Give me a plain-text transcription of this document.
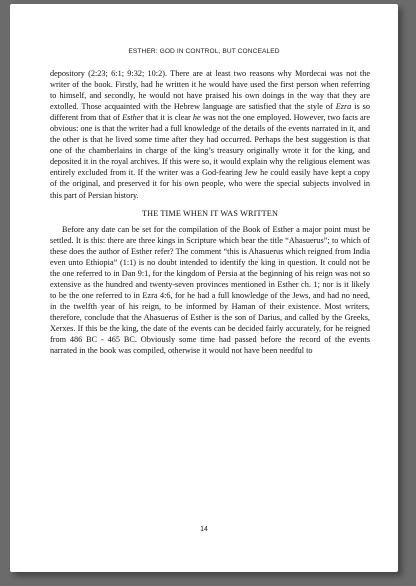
ESTHER: GOD IN CONTROL, BUT CONCEALED

depository (2:23; 6:1; 9:32; 10:2). There are at least two reasons why Mordecai was not the writer of the book. Firstly, had he written it he would have used the first person when referring to himself, and secondly, he would not have praised his own doings in the way that they are extolled. Those acquainted with the Hebrew language are satisfied that the style of Ezra is so different from that of Esther that it is clear he was not the one employed. However, two facts are obvious: one is that the writer had a full knowledge of the details of the events narrated in it, and the other is that he lived some time after they had occurred. Perhaps the best suggestion is that one of the chamberlains in charge of the king’s treasury originally wrote it for the king, and deposited it in the royal archives. If this were so, it would explain why the religious element was entirely excluded from it. If the writer was a God-fearing Jew he could easily have kept a copy of the original, and preserved it for his own people, who were the special subjects involved in this part of Persian history.

THE TIME WHEN IT WAS WRITTEN

Before any date can be set for the compilation of the Book of Esther a major point must be settled. It is this: there are three kings in Scripture which bear the title “Ahasuerus”; to which of these does the author of Esther refer? The comment “this is Ahasuerus which reigned from India even unto Ethiopia” (1:1) is no doubt intended to identify the king in question. It could not be the one referred to in Dan 9:1, for the kingdom of Persia at the beginning of his reign was not so extensive as the hundred and twenty-seven provinces mentioned in Esther ch. 1; nor is it likely to be the one referred to in Ezra 4:6, for he had a full knowledge of the Jews, and had no need, in the twelfth year of his reign, to be informed by Haman of their existence. Most writers, therefore, conclude that the Ahasuerus of Esther is the son of Darius, and called by the Greeks, Xerxes. If this be the king, the date of the events can be decided fairly accurately, for he reigned from 486 BC - 465 BC. Obviously some time had passed before the record of the events narrated in the book was compiled, otherwise it would not have been needful to

14
